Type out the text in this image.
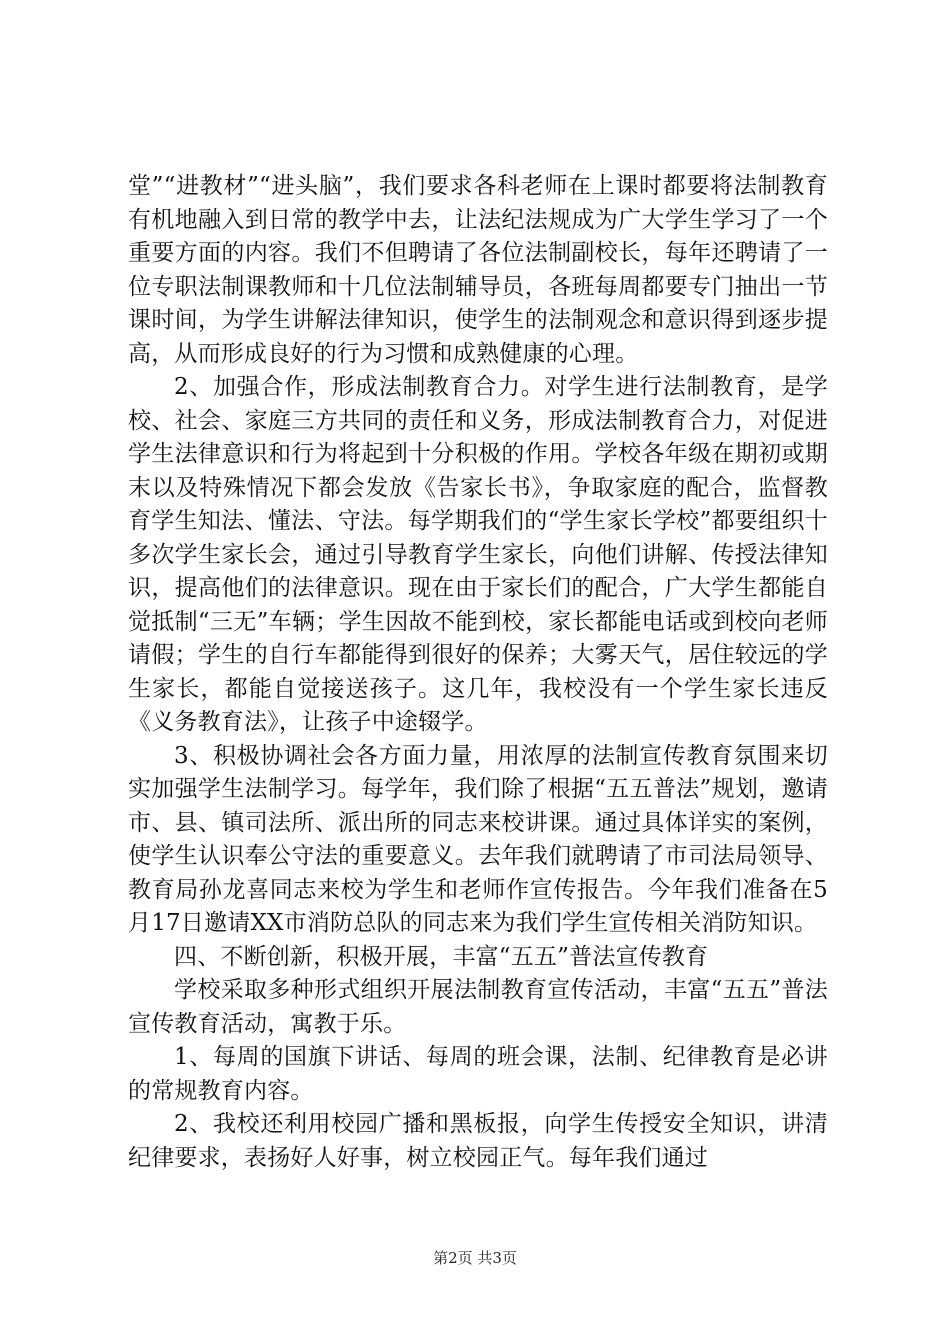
堂”“进教材”“进头脑”，我们要求各科老师在上课时都要将法制教育有机地融入到日常的教学中去，让法纪法规成为广大学生学习了一个重要方面的内容。我们不但聘请了各位法制副校长，每年还聘请了一位专职法制课教师和十几位法制辅导员，各班每周都要专门抽出一节课时间，为学生讲解法律知识，使学生的法制观念和意识得到逐步提高，从而形成良好的行为习惯和成熟健康的心理。

2、加强合作，形成法制教育合力。对学生进行法制教育，是学校、社会、家庭三方共同的责任和义务，形成法制教育合力，对促进学生法律意识和行为将起到十分积极的作用。学校各年级在期初或期末以及特殊情况下都会发放《告家长书》，争取家庭的配合，监督教育学生知法、懂法、守法。每学期我们的“学生家长学校”都要组织十多次学生家长会，通过引导教育学生家长，向他们讲解、传授法律知识，提高他们的法律意识。现在由于家长们的配合，广大学生都能自觉抵制“三无”车辆；学生因故不能到校，家长都能电话或到校向老师请假；学生的自行车都能得到很好的保养；大雾天气，居住较远的学生家长，都能自觉接送孩子。这几年，我校没有一个学生家长违反《义务教育法》，让孩子中途辍学。

3、积极协调社会各方面力量，用浓厚的法制宣传教育氛围来切实加强学生法制学习。每学年，我们除了根据“五五普法”规划，邀请市、县、镇司法所、派出所的同志来校讲课。通过具体详实的案例，使学生认识奉公守法的重要意义。去年我们就聘请了市司法局领导、教育局孙龙喜同志来校为学生和老师作宣传报告。今年我们准备在5月17日邀请XX市消防总队的同志来为我们学生宣传相关消防知识。

四、不断创新，积极开展，丰富“五五”普法宣传教育

学校采取多种形式组织开展法制教育宣传活动，丰富“五五”普法宣传教育活动，寓教于乐。

1、每周的国旗下讲话、每周的班会课，法制、纪律教育是必讲的常规教育内容。

2、我校还利用校园广播和黑板报，向学生传授安全知识，讲清纪律要求，表扬好人好事，树立校园正气。每年我们通过

第2页 共3页
